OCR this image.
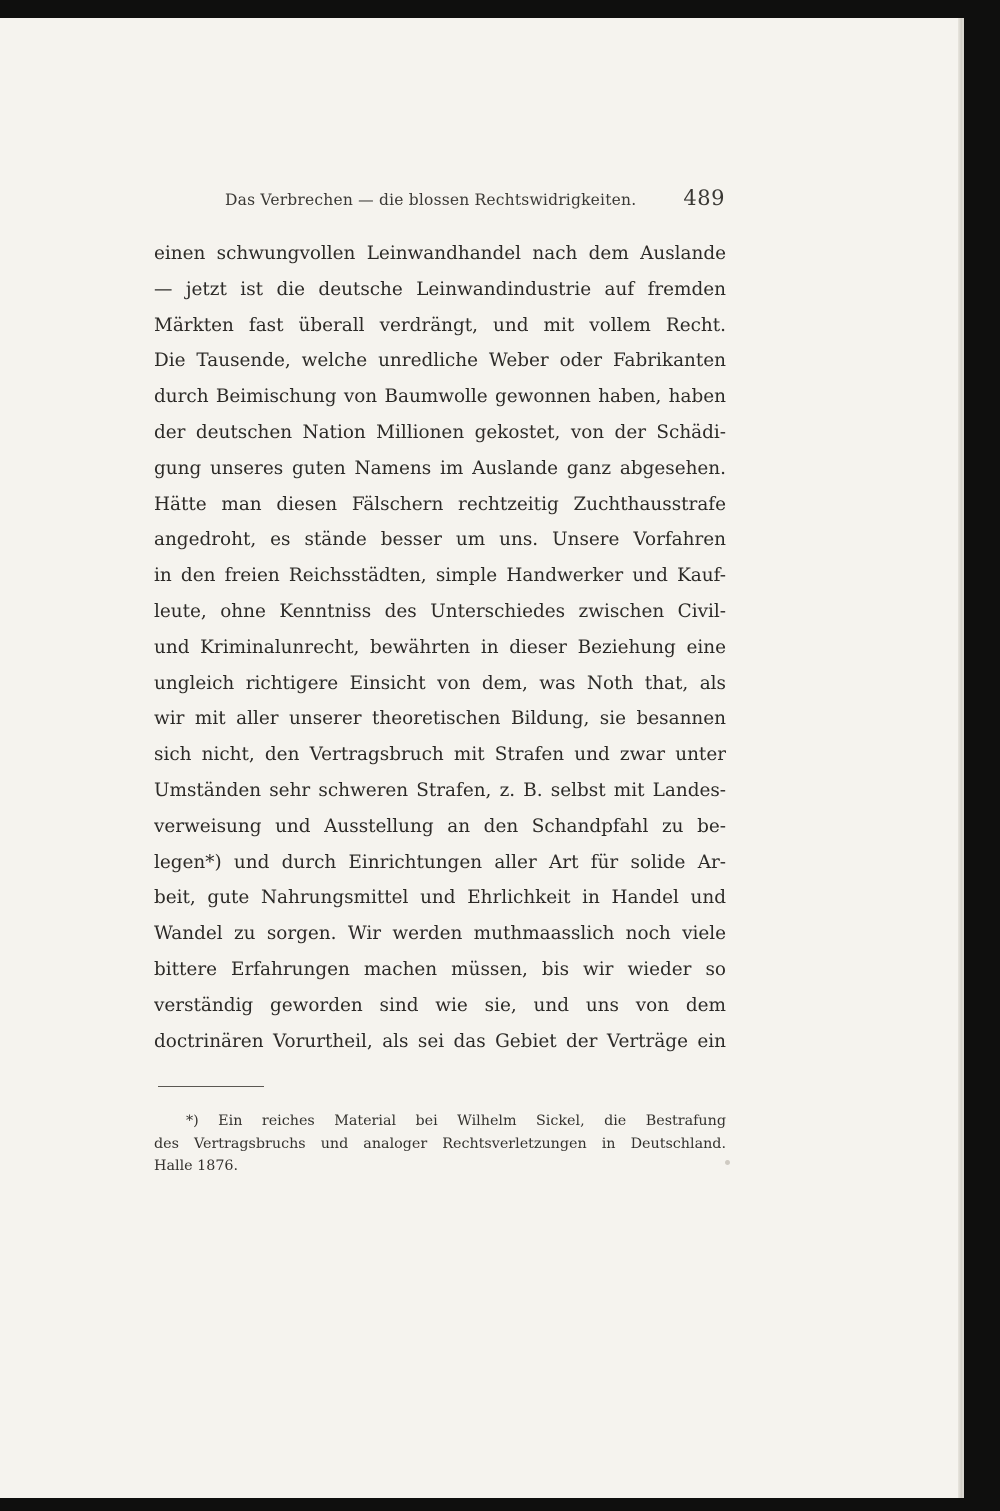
Das Verbrechen — die blossen Rechtswidrigkeiten. 489
einen schwungvollen Leinwandhandel nach dem Auslande
— jetzt ist die deutsche Leinwandindustrie auf fremden
Märkten fast überall verdrängt, und mit vollem Recht.
Die Tausende, welche unredliche Weber oder Fabrikanten
durch Beimischung von Baumwolle gewonnen haben, haben
der deutschen Nation Millionen gekostet, von der Schädi-
gung unseres guten Namens im Auslande ganz abgesehen.
Hätte man diesen Fälschern rechtzeitig Zuchthausstrafe
angedroht, es stände besser um uns. Unsere Vorfahren
in den freien Reichsstädten, simple Handwerker und Kauf-
leute, ohne Kenntniss des Unterschiedes zwischen Civil-
und Kriminalunrecht, bewährten in dieser Beziehung eine
ungleich richtigere Einsicht von dem, was Noth that, als
wir mit aller unserer theoretischen Bildung, sie besannen
sich nicht, den Vertragsbruch mit Strafen und zwar unter
Umständen sehr schweren Strafen, z. B. selbst mit Landes-
verweisung und Ausstellung an den Schandpfahl zu be-
legen*) und durch Einrichtungen aller Art für solide Ar-
beit, gute Nahrungsmittel und Ehrlichkeit in Handel und
Wandel zu sorgen. Wir werden muthmaasslich noch viele
bittere Erfahrungen machen müssen, bis wir wieder so
verständig geworden sind wie sie, und uns von dem
doctrinären Vorurtheil, als sei das Gebiet der Verträge ein
*) Ein reiches Material bei Wilhelm Sickel, die Bestrafung
des Vertragsbruchs und analoger Rechtsverletzungen in Deutschland.
Halle 1876.
